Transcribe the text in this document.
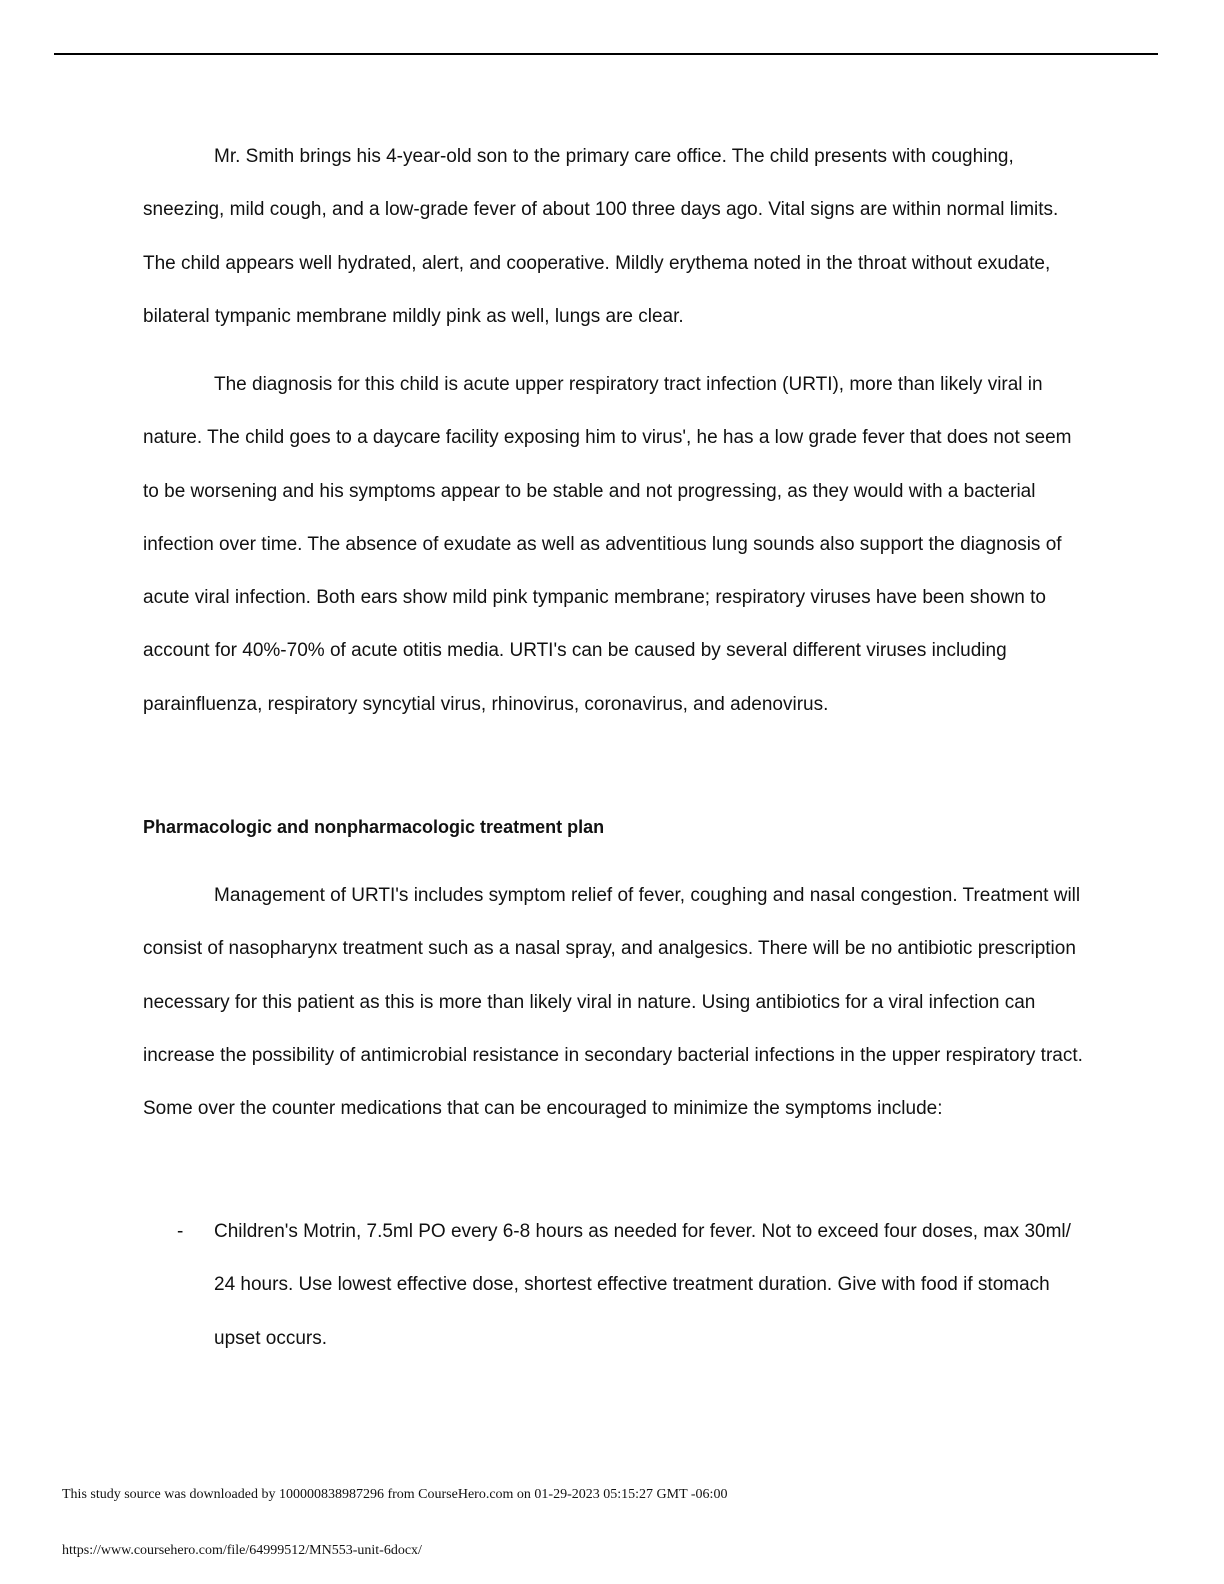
Mr. Smith brings his 4-year-old son to the primary care office. The child presents with coughing, sneezing, mild cough, and a low-grade fever of about 100 three days ago. Vital signs are within normal limits. The child appears well hydrated, alert, and cooperative. Mildly erythema noted in the throat without exudate, bilateral tympanic membrane mildly pink as well, lungs are clear.

The diagnosis for this child is acute upper respiratory tract infection (URTI), more than likely viral in nature. The child goes to a daycare facility exposing him to virus', he has a low grade fever that does not seem to be worsening and his symptoms appear to be stable and not progressing, as they would with a bacterial infection over time. The absence of exudate as well as adventitious lung sounds also support the diagnosis of acute viral infection. Both ears show mild pink tympanic membrane; respiratory viruses have been shown to account for 40%-70% of acute otitis media. URTI's can be caused by several different viruses including parainfluenza, respiratory syncytial virus, rhinovirus, coronavirus, and adenovirus.

Pharmacologic and nonpharmacologic treatment plan

Management of URTI's includes symptom relief of fever, coughing and nasal congestion. Treatment will consist of nasopharynx treatment such as a nasal spray, and analgesics. There will be no antibiotic prescription necessary for this patient as this is more than likely viral in nature. Using antibiotics for a viral infection can increase the possibility of antimicrobial resistance in secondary bacterial infections in the upper respiratory tract. Some over the counter medications that can be encouraged to minimize the symptoms include:

- Children's Motrin, 7.5ml PO every 6-8 hours as needed for fever. Not to exceed four doses, max 30ml/ 24 hours. Use lowest effective dose, shortest effective treatment duration. Give with food if stomach upset occurs.

This study source was downloaded by 100000838987296 from CourseHero.com on 01-29-2023 05:15:27 GMT -06:00

https://www.coursehero.com/file/64999512/MN553-unit-6docx/
